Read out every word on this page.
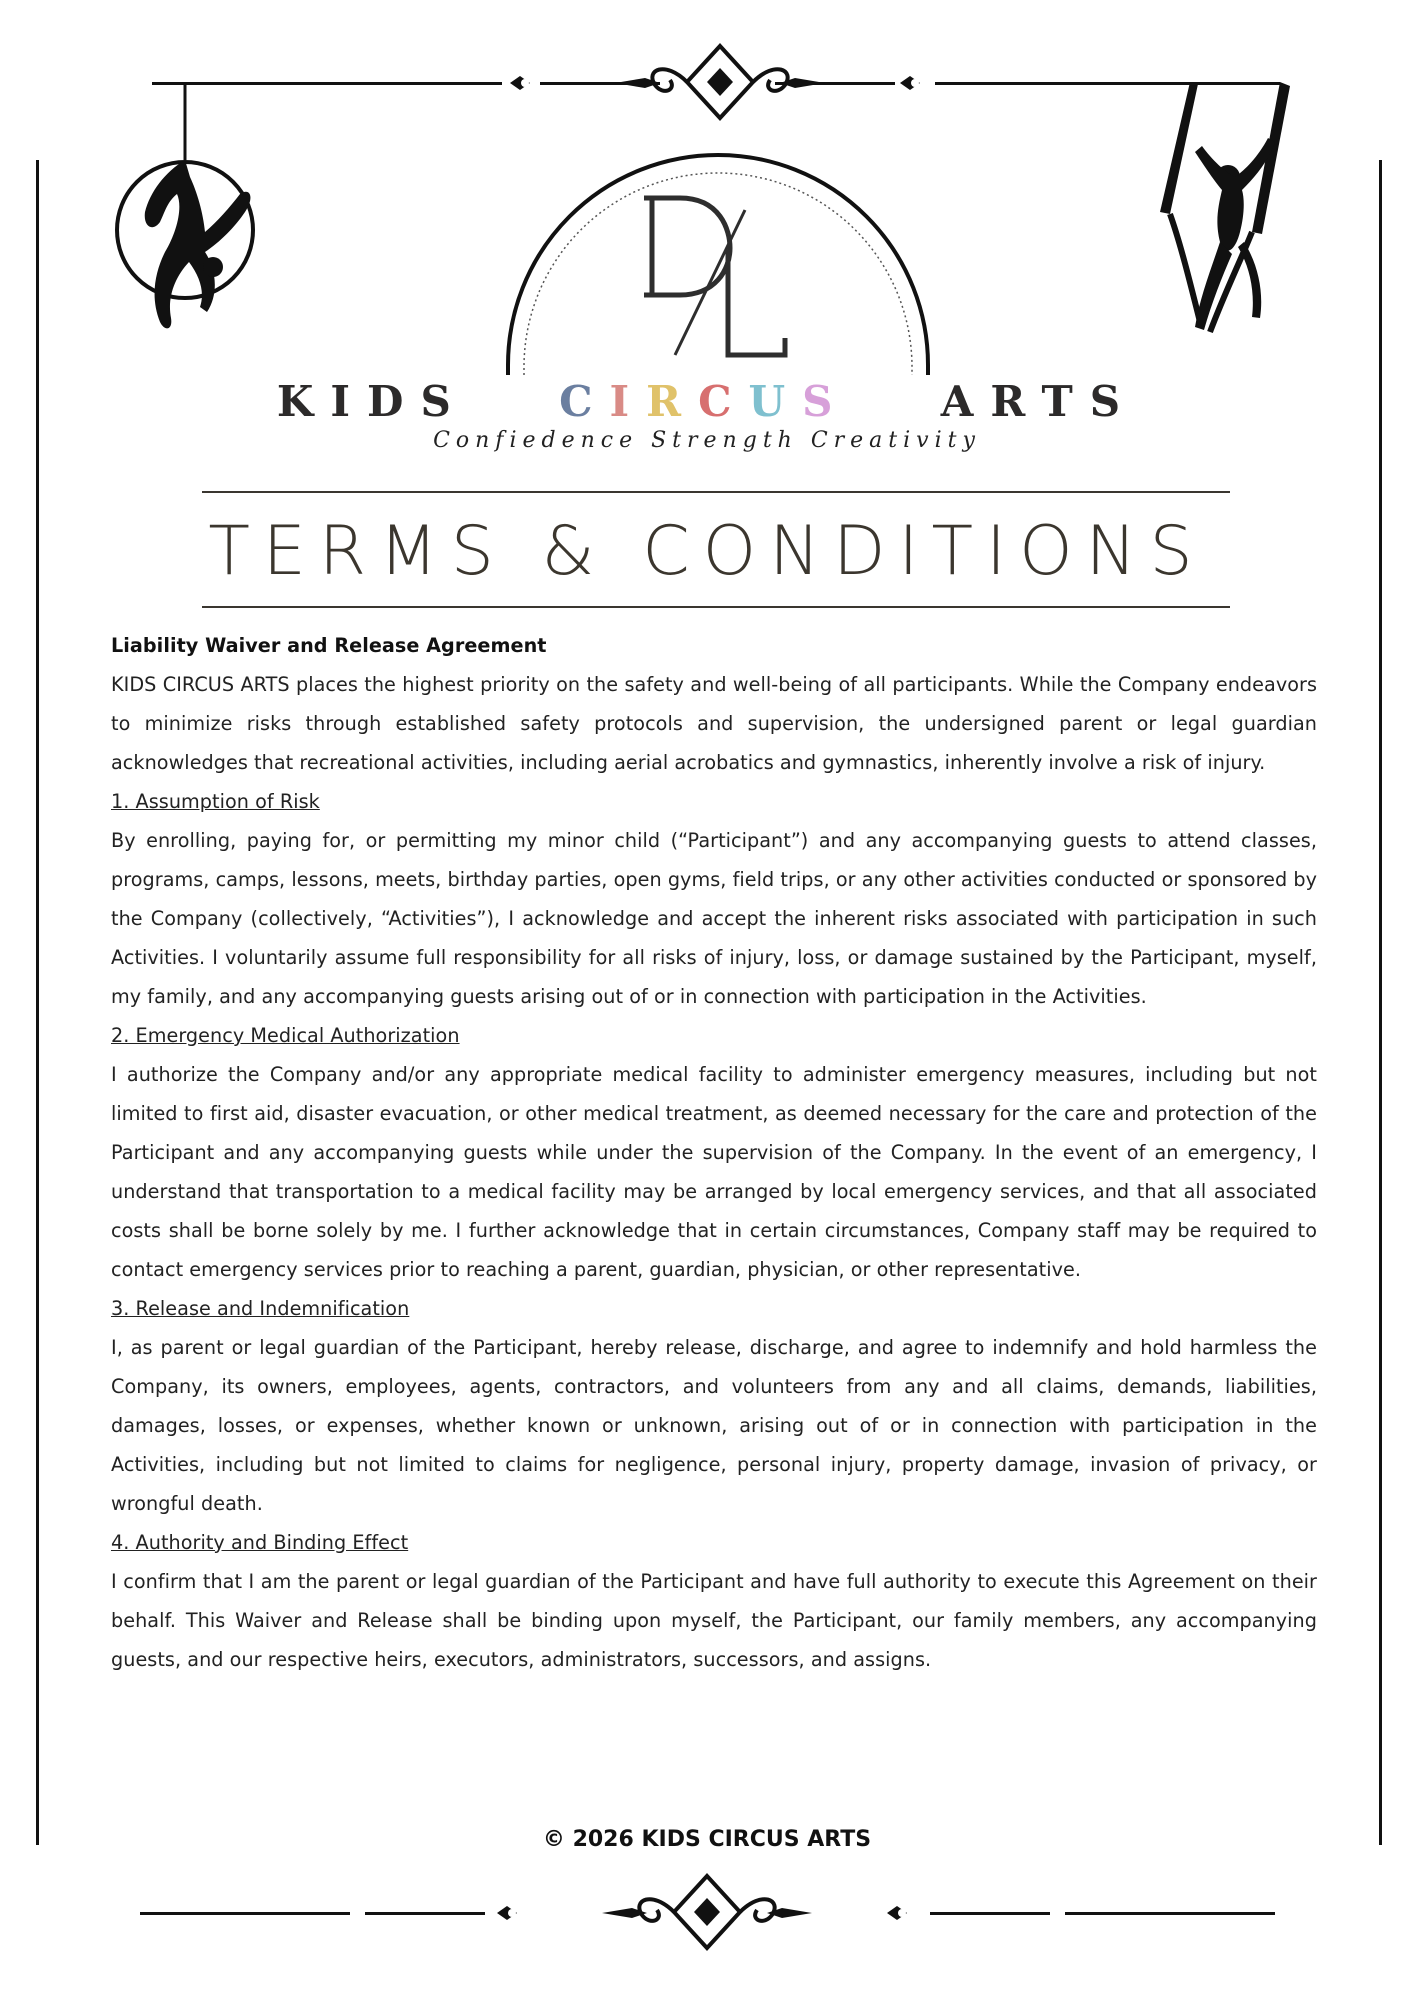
KIDS CIRCUS ARTS
Confiedence Strength Creativity
TERMS & CONDITIONS
Liability Waiver and Release Agreement

KIDS CIRCUS ARTS places the highest priority on the safety and well-being of all participants. While the Company endeavors to minimize risks through established safety protocols and supervision, the undersigned parent or legal guardian acknowledges that recreational activities, including aerial acrobatics and gymnastics, inherently involve a risk of injury.

1. Assumption of Risk

By enrolling, paying for, or permitting my minor child (“Participant”) and any accompanying guests to attend classes, programs, camps, lessons, meets, birthday parties, open gyms, field trips, or any other activities conducted or sponsored by the Company (collectively, “Activities”), I acknowledge and accept the inherent risks associated with participation in such Activities. I voluntarily assume full responsibility for all risks of injury, loss, or damage sustained by the Participant, myself, my family, and any accompanying guests arising out of or in connection with participation in the Activities.

2. Emergency Medical Authorization

I authorize the Company and/or any appropriate medical facility to administer emergency measures, including but not limited to first aid, disaster evacuation, or other medical treatment, as deemed necessary for the care and protection of the Participant and any accompanying guests while under the supervision of the Company. In the event of an emergency, I understand that transportation to a medical facility may be arranged by local emergency services, and that all associated costs shall be borne solely by me. I further acknowledge that in certain circumstances, Company staff may be required to contact emergency services prior to reaching a parent, guardian, physician, or other representative.

3. Release and Indemnification

I, as parent or legal guardian of the Participant, hereby release, discharge, and agree to indemnify and hold harmless the Company, its owners, employees, agents, contractors, and volunteers from any and all claims, demands, liabilities, damages, losses, or expenses, whether known or unknown, arising out of or in connection with participation in the Activities, including but not limited to claims for negligence, personal injury, property damage, invasion of privacy, or wrongful death.

4. Authority and Binding Effect

I confirm that I am the parent or legal guardian of the Participant and have full authority to execute this Agreement on their behalf. This Waiver and Release shall be binding upon myself, the Participant, our family members, any accompanying guests, and our respective heirs, executors, administrators, successors, and assigns.

© 2026 KIDS CIRCUS ARTS
